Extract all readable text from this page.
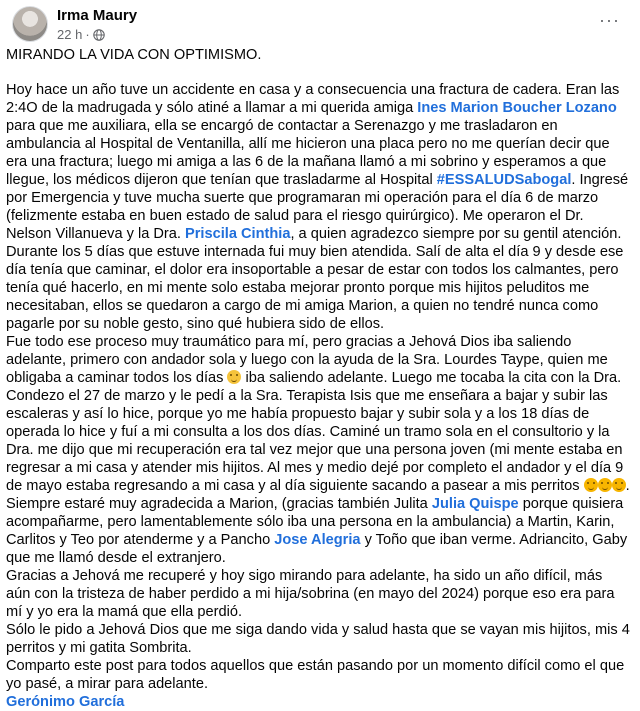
Irma Maury
22 h ·
···

MIRANDO LA VIDA CON OPTIMISMO.

Hoy hace un año tuve un accidente en casa y a consecuencia una fractura de cadera. Eran las 2:4O de la madrugada y sólo atiné a llamar a mi querida amiga Ines Marion Boucher Lozano para que me auxiliara, ella se encargó de contactar a Serenazgo y me trasladaron en ambulancia al Hospital de Ventanilla, allí me hicieron una placa pero no me querían decir que era una fractura; luego mi amiga a las 6 de la mañana llamó a mi sobrino y esperamos a que llegue, los médicos dijeron que tenían que trasladarme al Hospital #ESSALUDSabogal. Ingresé por Emergencia y tuve mucha suerte que programaran mi operación para el día 6 de marzo (felizmente estaba en buen estado de salud para el riesgo quirúrgico). Me operaron el Dr. Nelson Villanueva y la Dra. Priscila Cinthia, a quien agradezco siempre por su gentil atención. Durante los 5 días que estuve internada fui muy bien atendida. Salí de alta el día 9 y desde ese día tenía que caminar, el dolor era insoportable a pesar de estar con todos los calmantes, pero tenía qué hacerlo, en mi mente solo estaba mejorar pronto porque mis hijitos peluditos me necesitaban, ellos se quedaron a cargo de mi amiga Marion, a quien no tendré nunca como pagarle por su noble gesto, sino qué hubiera sido de ellos.

Fue todo ese proceso muy traumático para mí, pero gracias a Jehová Dios iba saliendo adelante, primero con andador sola y luego con la ayuda de la Sra. Lourdes Taype, quien me obligaba a caminar todos los días  iba saliendo adelante. Luego me tocaba la cita con la Dra. Condezo el 27 de marzo y le pedí a la Sra. Terapista Isis que me enseñara a bajar y subir las escaleras y así lo hice, porque yo me había propuesto bajar y subir sola y a los 18 días de operada lo hice y fuí a mi consulta a los dos días. Caminé un tramo sola en el consultorio y la Dra. me dijo que mi recuperación era tal vez mejor que una persona joven (mi mente estaba en regresar a mi casa y atender mis hijitos. Al mes y medio dejé por completo el andador y el día 9 de mayo estaba regresando a mi casa y al día siguiente sacando a pasear a mis perritos	. Siempre estaré muy agradecida a Marion, (gracias también Julita Julia Quispe porque quisiera acompañarme, pero lamentablemente sólo iba una persona en la ambulancia) a Martin, Karin, Carlitos y Teo por atenderme y a Pancho Jose Alegria y Toño que iban verme. Adriancito, Gaby que me llamó desde el extranjero.

Gracias a Jehová me recuperé y hoy sigo mirando para adelante, ha sido un año difícil, más aún con la tristeza de haber perdido a mi hija/sobrina (en mayo del 2024) porque eso era para mí y yo era la mamá que ella perdió.

Sólo le pido a Jehová Dios que me siga dando vida y salud hasta que se vayan mis hijitos, mis 4 perritos y mi gatita Sombrita.

Comparto este post para todos aquellos que están pasando por un momento difícil como el que yo pasé, a mirar para adelante.

Gerónimo García
